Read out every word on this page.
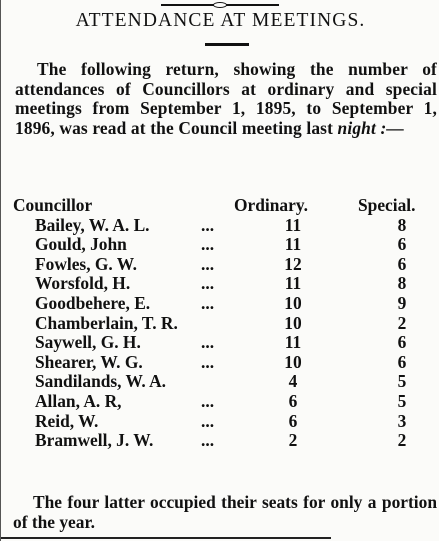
ATTENDANCE AT MEETINGS.

The following return, showing the number of attendances of Councillors at ordinary and special meetings from September 1, 1895, to September 1, 1896, was read at the Council meeting last night :—

Councillor	Ordinary.	Special.
Bailey, W. A. L.	...	11	8
Gould, John	...	11	6
Fowles, G. W.	...	12	6
Worsfold, H.	...	11	8
Goodbehere, E.	...	10	9
Chamberlain, T. R.	10	2
Saywell, G. H.	...	11	6
Shearer, W. G.	...	10	6
Sandilands, W. A.	4	5
Allan, A. R,	...	6	5
Reid, W.	...	6	3
Bramwell, J. W.	...	2	2

The four latter occupied their seats for only a portion of the year.
